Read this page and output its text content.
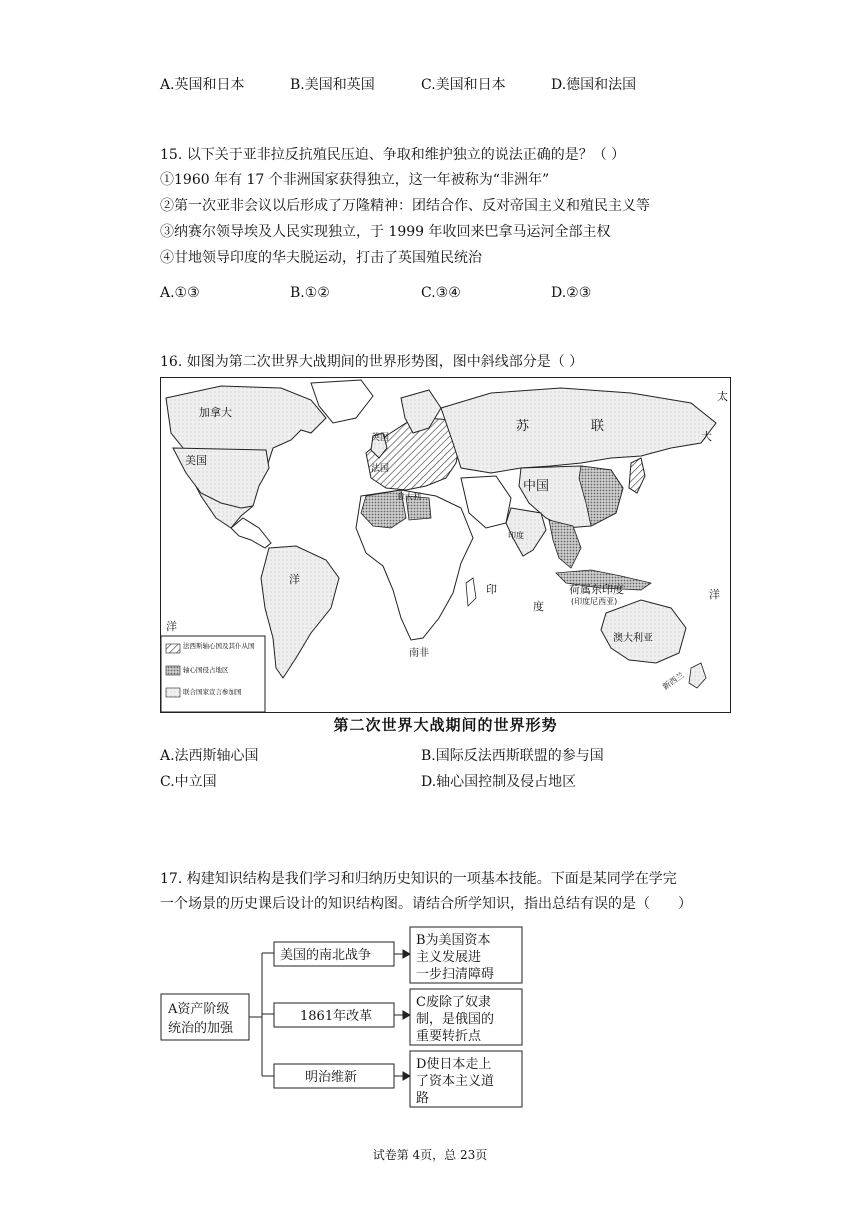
A.英国和日本	B.美国和英国	C.美国和日本	D.德国和法国
15. 以下关于亚非拉反抗殖民压迫、争取和维护独立的说法正确的是？（ ）
①1960 年有 17 个非洲国家获得独立，这一年被称为“非洲年”
②第一次亚非会议以后形成了万隆精神：团结合作、反对帝国主义和殖民主义等
③纳赛尔领导埃及人民实现独立，于 1999 年收回来巴拿马运河全部主权
④甘地领导印度的华夫脱运动，打击了英国殖民统治
A.①③	B.①②	C.③④	D.②③
16. 如图为第二次世界大战期间的世界形势图，图中斜线部分是（ ）
加拿大
美国
英国
法国
意大利
苏	联
中国
印度
荷属东印度
(印度尼西亚)
澳大利亚
新西兰
南非
洋
印
度
洋
洋
大
太
法西斯轴心国及其仆从国
轴心国侵占地区
联合国家宣言参加国
第二次世界大战期间的世界形势
A.法西斯轴心国	B.国际反法西斯联盟的参与国
C.中立国	D.轴心国控制及侵占地区
17. 构建知识结构是我们学习和归纳历史知识的一项基本技能。下面是某同学在学完
一个场景的历史课后设计的知识结构图。请结合所学知识，指出总结有误的是（　　）
A资产阶级
统治的加强
美国的南北战争
1861年改革
明治维新
B为美国资本
主义发展进
一步扫清障碍
C废除了奴隶
制，是俄国的
重要转折点
D使日本走上
了资本主义道
路
试卷第 4页，总 23页
